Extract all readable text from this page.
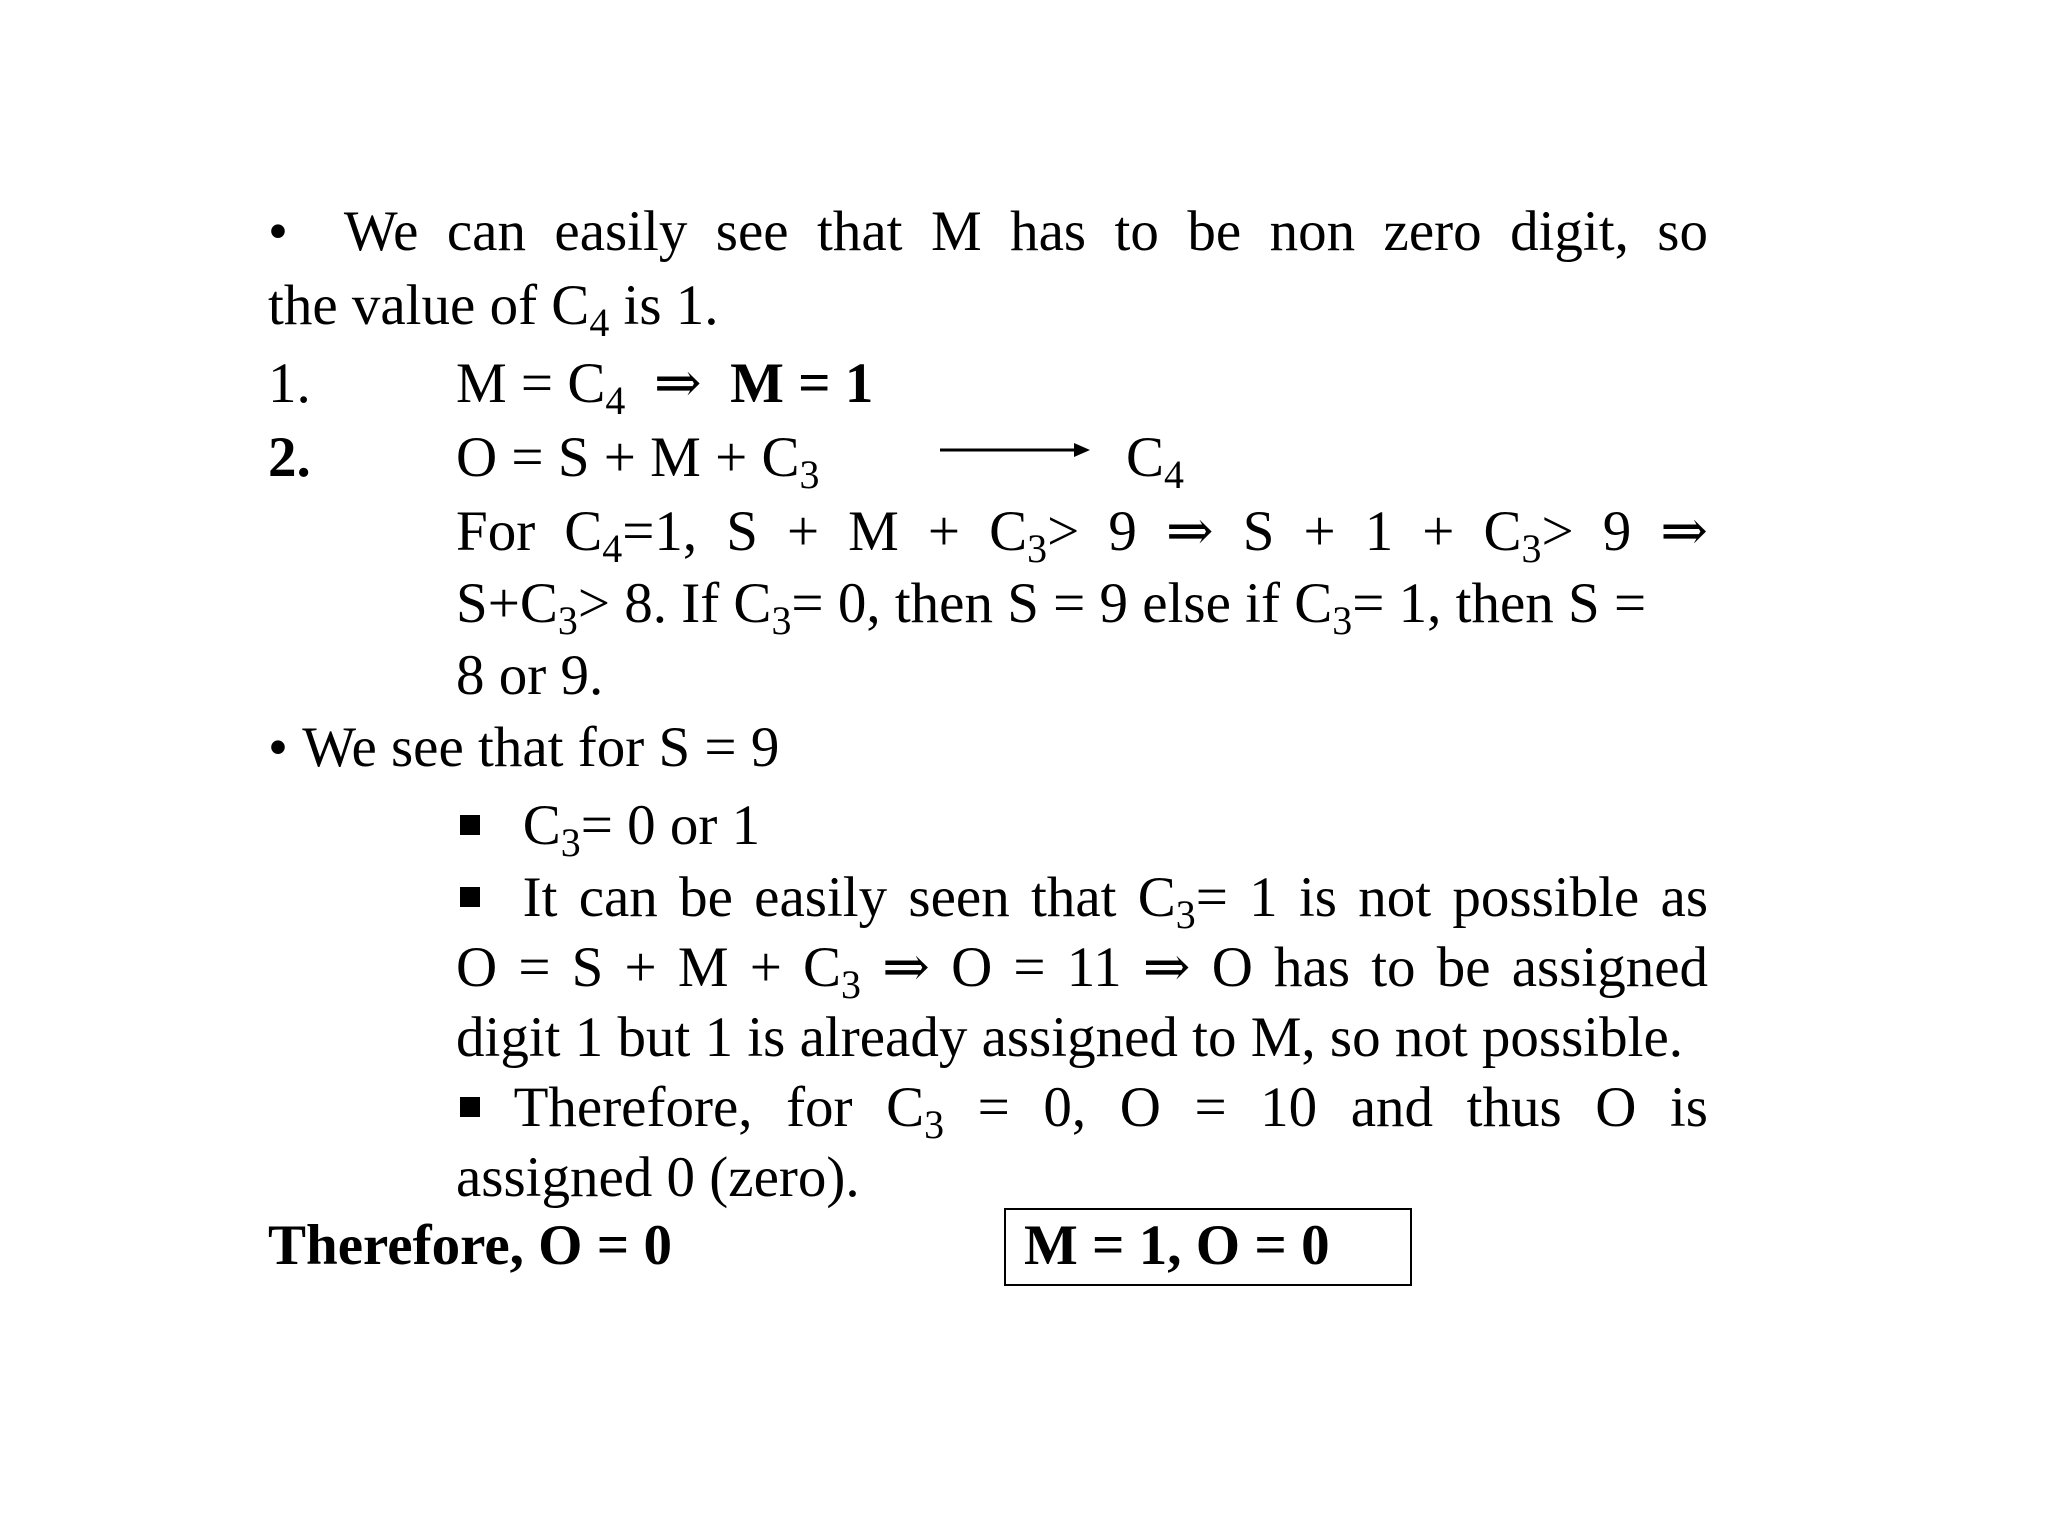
• We can easily see that M has to be non zero digit, so
the value of $C_4$ is 1.
1.	$M = C_4$ ⇒ M = 1
2.	$O = S + M + C_3$	$C_4$
For $C_4=1$, $S + M + C_3> 9$ ⇒ $S + 1 + C_3> 9$ ⇒
$S+C_3> 8$. If $C_3= 0$, then S = 9 else if $C_3= 1$, then S =
8 or 9.
• We see that for S = 9
$C_3= 0$ or 1
It can be easily seen that $C_3= 1$ is not possible as
$O = S + M + C_3$ ⇒ O = 11 ⇒ O has to be assigned
digit 1 but 1 is already assigned to M, so not possible.
Therefore, for $C_3 = 0$, O = 10 and thus O is
assigned 0 (zero).
Therefore, O = 0	M = 1, O = 0
